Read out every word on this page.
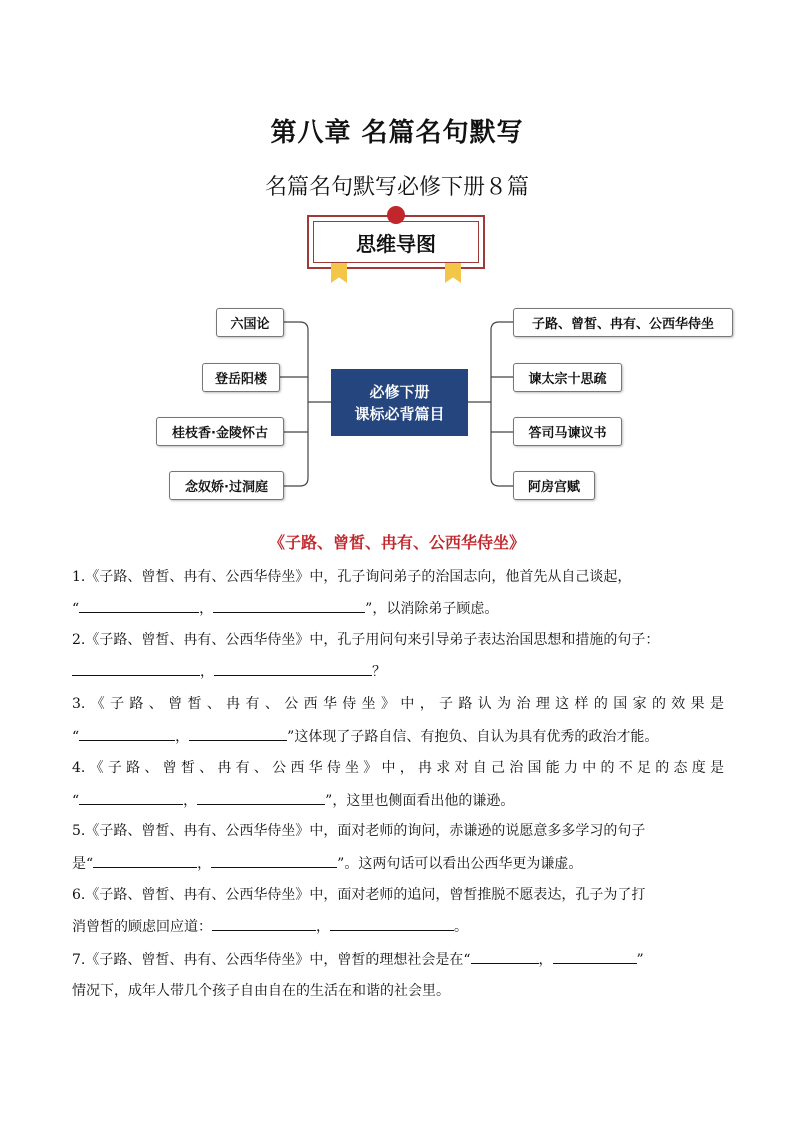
第八章 名篇名句默写
名篇名句默写必修下册８篇
思维导图
必修下册
课标必背篇目
六国论
登岳阳楼
桂枝香·金陵怀古
念奴娇·过洞庭
子路、曾皙、冉有、公西华侍坐
谏太宗十思疏
答司马谏议书
阿房宫赋
《子路、曾皙、冉有、公西华侍坐》
1.《子路、曾皙、冉有、公西华侍坐》中，孔子询问弟子的治国志向，他首先从自己谈起，
“	，	”，以消除弟子顾虑。
2.《子路、曾皙、冉有、公西华侍坐》中，孔子用问句来引导弟子表达治国思想和措施的句子：
，	？
3.《子路、曾皙、冉有、公西华侍坐》中，子路认为治理这样的国家的效果是
“	，	”这体现了子路自信、有抱负、自认为具有优秀的政治才能。
4.《子路、曾皙、冉有、公西华侍坐》中，冉求对自己治国能力中的不足的态度是
“	，	”，这里也侧面看出他的谦逊。
5.《子路、曾皙、冉有、公西华侍坐》中，面对老师的询问，赤谦逊的说愿意多多学习的句子
是“	，	”。这两句话可以看出公西华更为谦虚。
6.《子路、曾皙、冉有、公西华侍坐》中，面对老师的追问，曾皙推脱不愿表达，孔子为了打
消曾皙的顾虑回应道：	，	。
7.《子路、曾皙、冉有、公西华侍坐》中，曾皙的理想社会是在“	，	”
情况下，成年人带几个孩子自由自在的生活在和谐的社会里。
